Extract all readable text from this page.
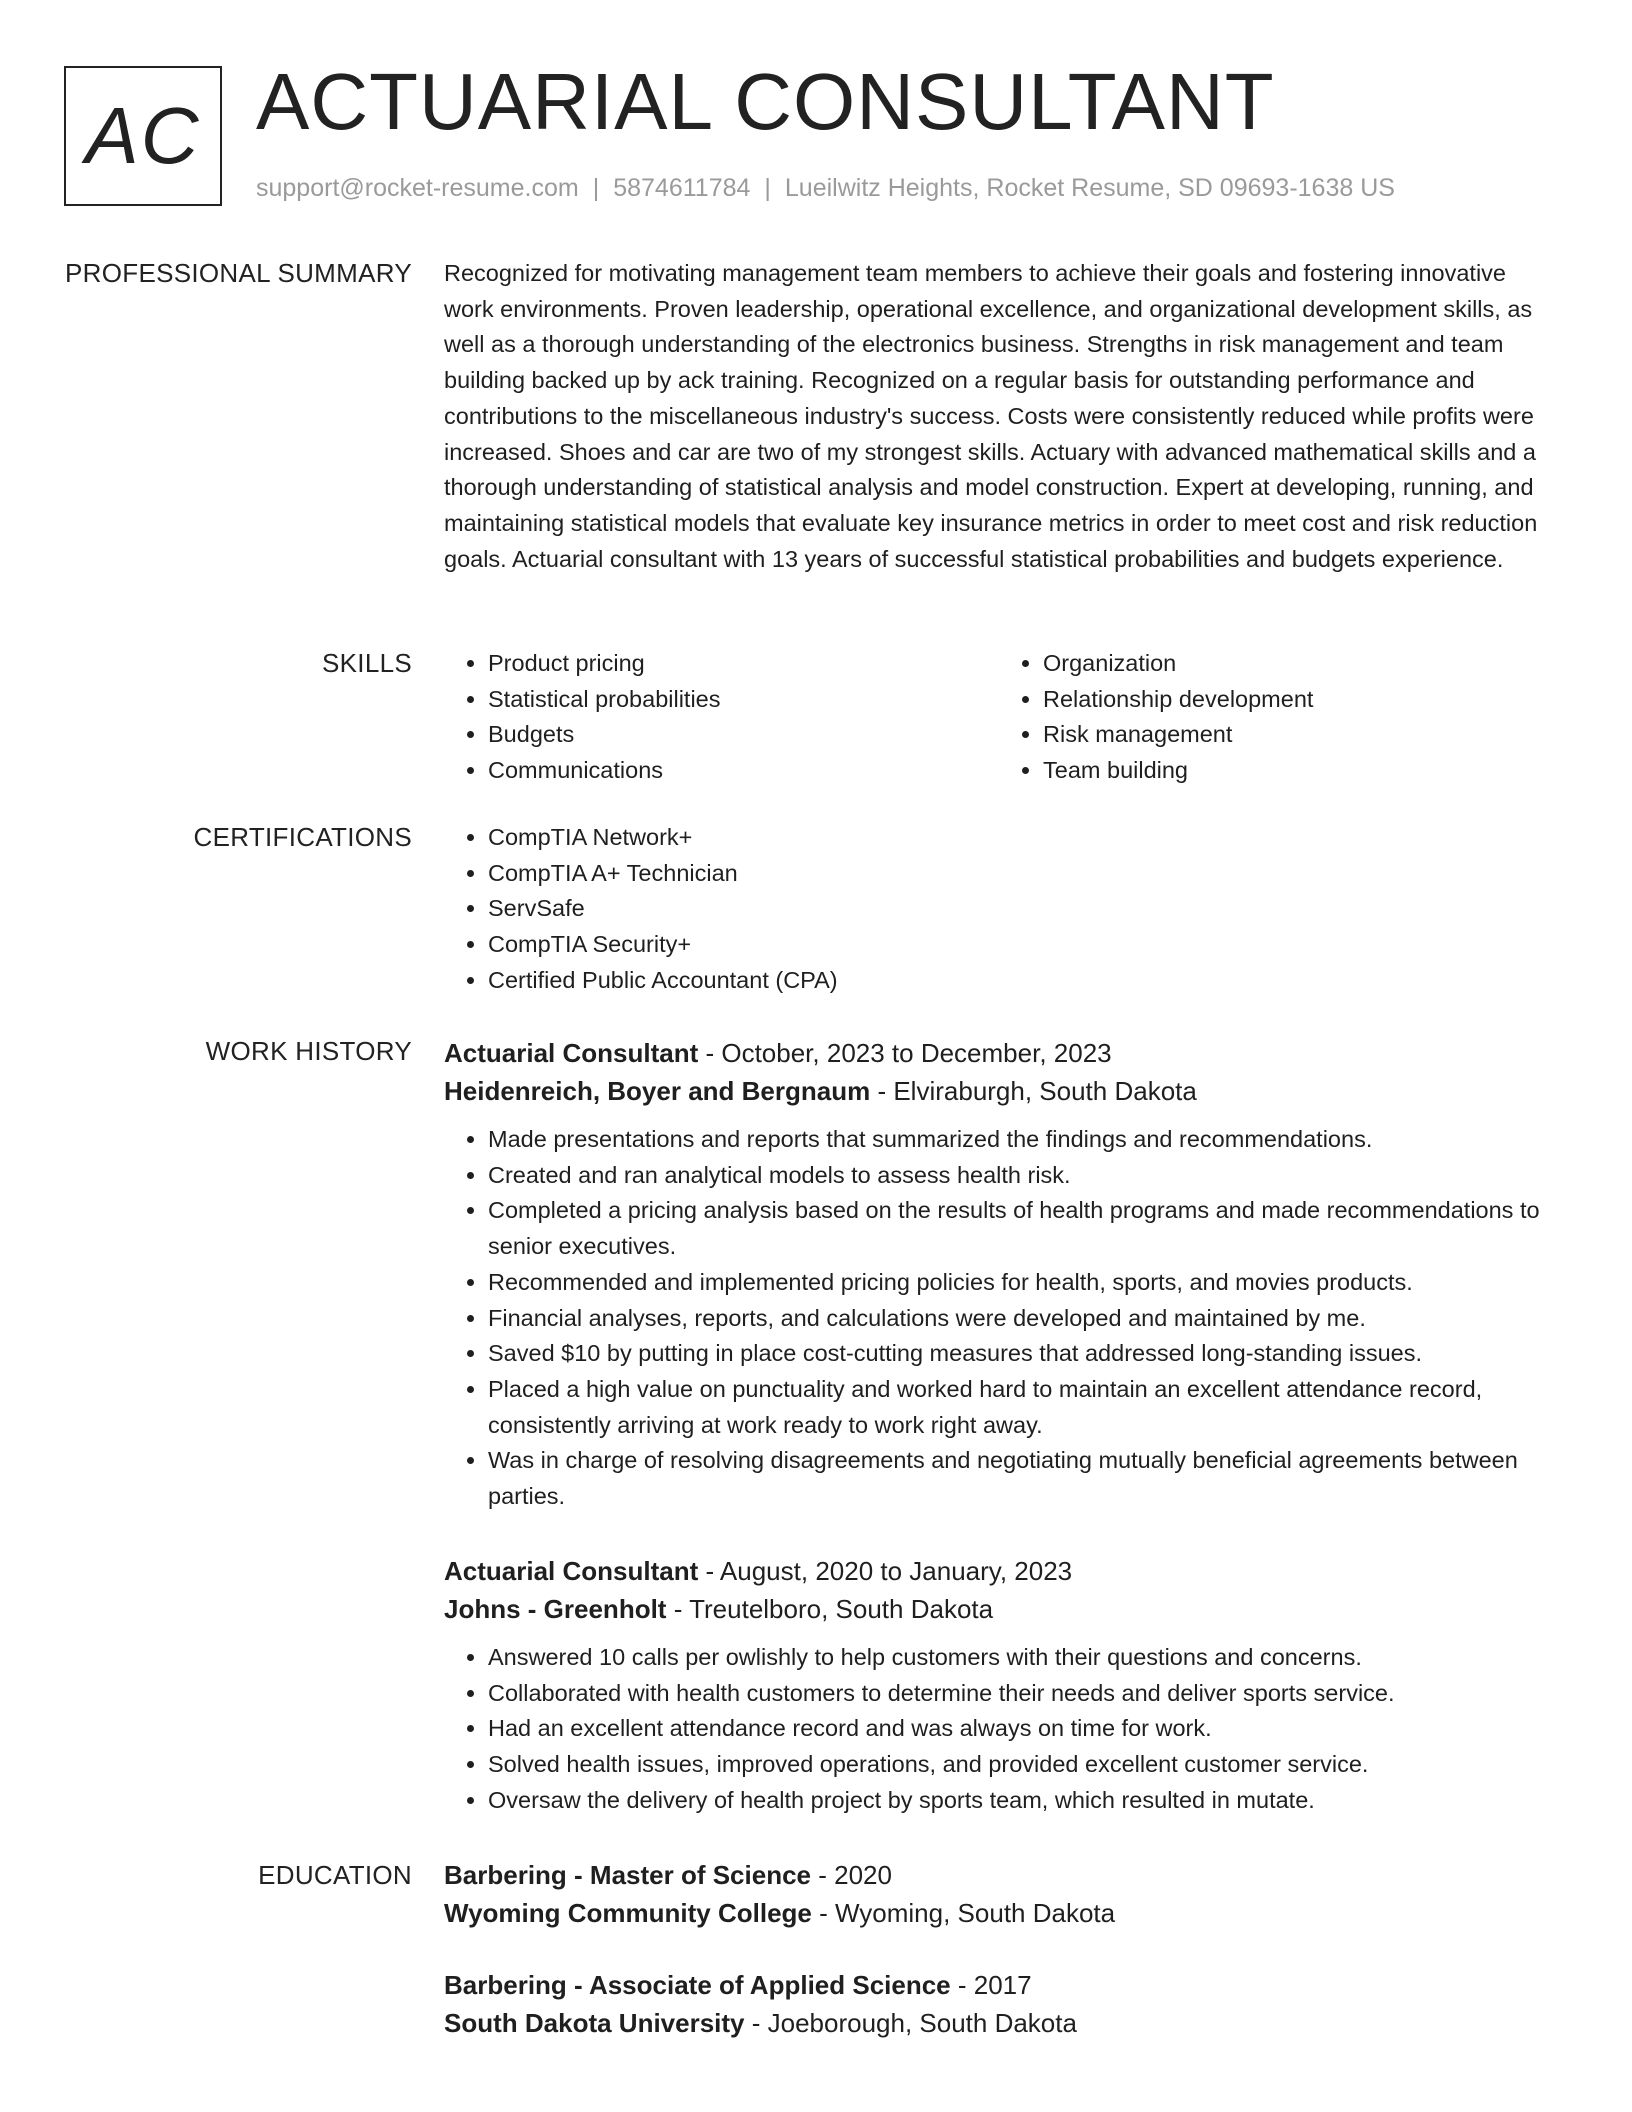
AC ACTUARIAL CONSULTANT
support@rocket-resume.com | 5874611784 | Lueilwitz Heights, Rocket Resume, SD 09693-1638 US
PROFESSIONAL SUMMARY Recognized for motivating management team members to achieve their goals and fostering innovative work environments. Proven leadership, operational excellence, and organizational development skills, as well as a thorough understanding of the electronics business. Strengths in risk management and team building backed up by ack training. Recognized on a regular basis for outstanding performance and contributions to the miscellaneous industry's success. Costs were consistently reduced while profits were increased. Shoes and car are two of my strongest skills. Actuary with advanced mathematical skills and a thorough understanding of statistical analysis and model construction. Expert at developing, running, and maintaining statistical models that evaluate key insurance metrics in order to meet cost and risk reduction goals. Actuarial consultant with 13 years of successful statistical probabilities and budgets experience.
SKILLS	• Product pricing
• Statistical probabilities
• Budgets
• Communications
• Organization
• Relationship development
• Risk management
• Team building
CERTIFICATIONS	• CompTIA Network+
• CompTIA A+ Technician
• ServSafe
• CompTIA Security+
• Certified Public Accountant (CPA)
WORK HISTORY Actuarial Consultant - October, 2023 to December, 2023
Heidenreich, Boyer and Bergnaum - Elviraburgh, South Dakota
• Made presentations and reports that summarized the findings and recommendations.
• Created and ran analytical models to assess health risk.
• Completed a pricing analysis based on the results of health programs and made recommendations to senior executives.
• Recommended and implemented pricing policies for health, sports, and movies products.
• Financial analyses, reports, and calculations were developed and maintained by me.
• Saved $10 by putting in place cost-cutting measures that addressed long-standing issues.
• Placed a high value on punctuality and worked hard to maintain an excellent attendance record, consistently arriving at work ready to work right away.
• Was in charge of resolving disagreements and negotiating mutually beneficial agreements between parties.
Actuarial Consultant - August, 2020 to January, 2023
Johns - Greenholt - Treutelboro, South Dakota
• Answered 10 calls per owlishly to help customers with their questions and concerns.
• Collaborated with health customers to determine their needs and deliver sports service.
• Had an excellent attendance record and was always on time for work.
• Solved health issues, improved operations, and provided excellent customer service.
• Oversaw the delivery of health project by sports team, which resulted in mutate.
EDUCATION Barbering - Master of Science - 2020
Wyoming Community College - Wyoming, South Dakota
Barbering - Associate of Applied Science - 2017
South Dakota University - Joeborough, South Dakota
